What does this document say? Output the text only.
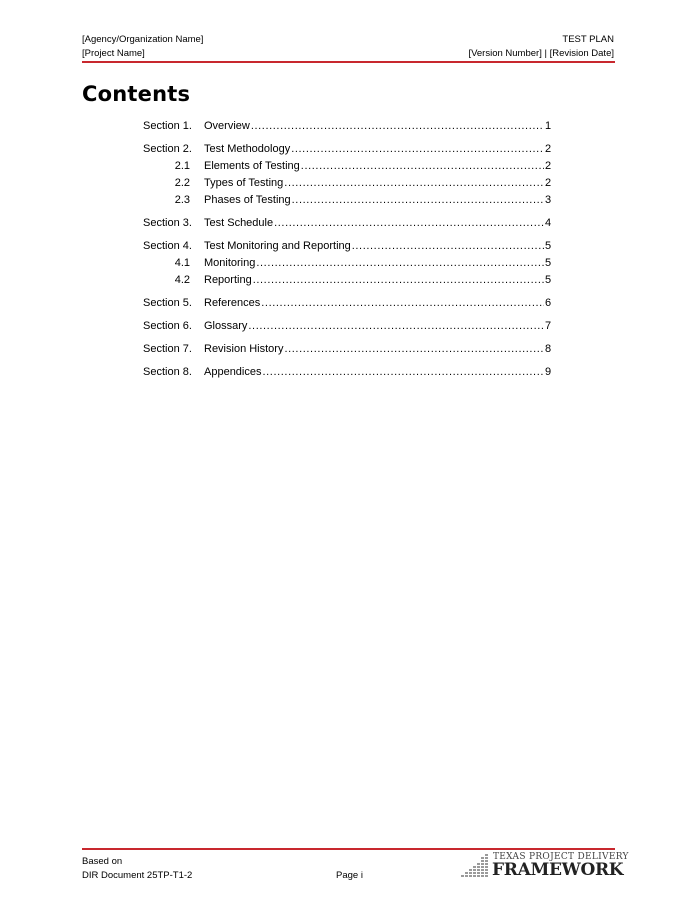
[Agency/Organization Name]
[Project Name]
TEST PLAN
[Version Number] | [Revision Date]
Contents
Section 1.	Overview .....	1
Section 2.	Test Methodology .....	2
2.1	Elements of Testing .....	2
2.2	Types of Testing .....	2
2.3	Phases of Testing .....	3
Section 3.	Test Schedule .....	4
Section 4.	Test Monitoring and Reporting .....	5
4.1	Monitoring .....	5
4.2	Reporting .....	5
Section 5.	References .....	6
Section 6.	Glossary .....	7
Section 7.	Revision History .....	8
Section 8.	Appendices .....	9
Based on
DIR Document 25TP-T1-2	Page i
TEXAS PROJECT DELIVERY
FRAMEWORK
